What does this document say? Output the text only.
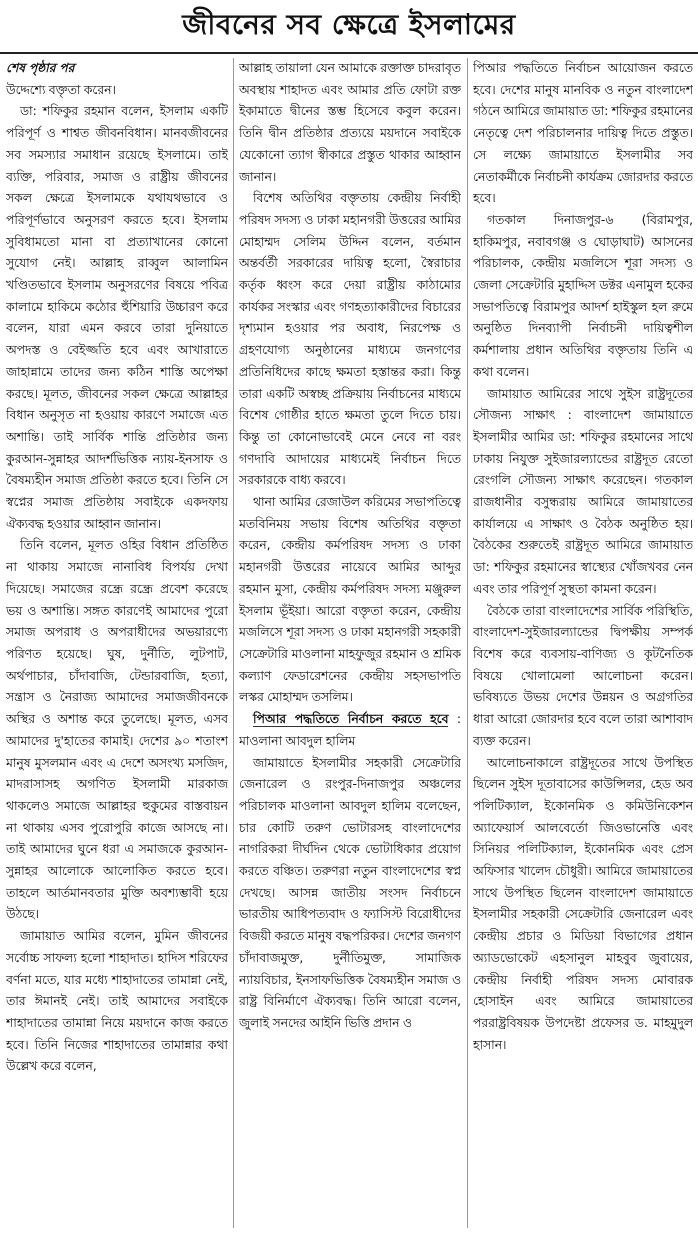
জীবনের সব ক্ষেত্রে ইসলামের
শেষ পৃষ্ঠার পর

উদ্দেশ্যে বক্তৃতা করেন।

ডা: শফিকুর রহমান বলেন, ইসলাম একটি পরিপূর্ণ ও শাশ্বত জীবনবিধান। মানবজীবনের সব সমস্যার সমাধান রয়েছে ইসলামে। তাই ব্যক্তি, পরিবার, সমাজ ও রাষ্ট্রীয় জীবনের সকল ক্ষেত্রে ইসলামকে যথাযথভাবে ও পরিপূর্ণভাবে অনুসরণ করতে হবে। ইসলাম সুবিধামতো মানা বা প্রত্যাখানের কোনো সুযোগ নেই। আল্লাহ রাব্বুল আলামিন খণ্ডিতভাবে ইসলাম অনুসরণের বিষয়ে পবিত্র কালামে হাকিমে কঠোর হুঁশিয়ারি উচ্চারণ করে বলেন, যারা এমন করবে তারা দুনিয়াতে অপদস্ত ও বেইজ্জতি হবে এবং আখারাতে জাহান্নামে তাদের জন্য কঠিন শাস্তি অপেক্ষা করছে। মূলত, জীবনের সকল ক্ষেত্রে আল্লাহর বিধান অনুসৃত না হওয়ায় কারণে সমাজে এত অশান্তি। তাই সার্বিক শান্তি প্রতিষ্ঠার জন্য কুরআন-সুন্নাহর আদর্শভিত্তিক ন্যায়-ইনসাফ ও বৈষম্যহীন সমাজ প্রতিষ্ঠা করতে হবে। তিনি সে স্বপ্নের সমাজ প্রতিষ্ঠায় সবাইকে একদফায় ঐক্যবদ্ধ হওয়ার আহ্বান জানান।

তিনি বলেন, মূলত ওহির বিধান প্রতিষ্ঠিত না থাকায় সমাজে নানাবিধ বিপর্যয় দেখা দিয়েছে। সমাজের রন্ধ্রে রন্ধ্রে প্রবেশ করেছে ভয় ও অশান্তি। সঙ্গত কারণেই আমাদের পুরো সমাজ অপরাধ ও অপরাধীদের অভয়ারণ্যে পরিণত হয়েছে। ঘুষ, দুর্নীতি, লুটপাট, অর্থপাচার, চাঁদাবাজি, টেন্ডারবাজি, হত্যা, সন্ত্রাস ও নৈরাজ্য আমাদের সমাজজীবনকে অস্থির ও অশান্ত করে তুলেছে। মূলত, এসব আমাদের দু'হাতের কামাই। দেশের ৯০ শতাংশ মানুষ মুসলমান এবং এ দেশে অসংখ্য মসজিদ, মাদরাসাসহ অগণিত ইসলামী মারকাজ থাকলেও সমাজে আল্লাহর হুকুমের বাস্তবায়ন না থাকায় এসব পুরোপুরি কাজে আসছে না। তাই আমাদের ঘুনে ধরা এ সমাজকে কুরআন-সুন্নাহর আলোকে আলোকিত করতে হবে। তাহলে আর্তমানবতার মুক্তি অবশ্যম্ভাবী হয়ে উঠছে।

জামায়াত আমির বলেন, মুমিন জীবনের সর্বোচ্চ সাফল্য হলো শাহাদাত। হাদিস শরিফের বর্ণনা মতে, যার মধ্যে শাহাদাতের তামান্না নেই, তার ঈমানই নেই। তাই আমাদের সবাইকে শাহাদাতের তামান্না নিয়ে ময়দানে কাজ করতে হবে। তিনি নিজের শাহাদাতের তামান্নার কথা উল্লেখ করে বলেন,

আল্লাহ তায়ালা যেন আমাকে রক্তাক্ত চাদরাবৃত অবস্থায় শাহাদত এবং আমার প্রতি ফোটা রক্ত ইকামাতে দ্বীনের স্তম্ভ হিসেবে কবুল করেন। তিনি দ্বীন প্রতিষ্ঠার প্রত্যয়ে ময়দানে সবাইকে যেকোনো ত্যাগ স্বীকারে প্রস্তুত থাকার আহ্বান জানান।

বিশেষ অতিথির বক্তৃতায় কেন্দ্রীয় নির্বাহী পরিষদ সদস্য ও ঢাকা মহানগরী উত্তরের আমির মোহাম্মদ সেলিম উদ্দিন বলেন, বর্তমান অন্তর্বর্তী সরকারের দায়িত্ব হলো, স্বৈরাচার কর্তৃক ধ্বংস করে দেয়া রাষ্ট্রীয় কাঠামোর কার্যকর সংস্কার এবং গণহত্যাকারীদের বিচারের দৃশ্যমান হওয়ার পর অবাধ, নিরপেক্ষ ও গ্রহণযোগ্য অনুষ্ঠানের মাধ্যমে জনগণের প্রতিনিধিদের কাছে ক্ষমতা হস্তান্তর করা। কিন্তু তারা একটি অস্বচ্ছ প্রক্রিয়ায় নির্বাচনের মাধ্যমে বিশেষ গোষ্ঠীর হাতে ক্ষমতা তুলে দিতে চায়। কিন্তু তা কোনোভাবেই মেনে নেবে না বরং গণদাবি আদায়ের মাধ্যমেই নির্বাচন দিতে সরকারকে বাধ্য করবে।

থানা আমির রেজাউল করিমের সভাপতিত্বে মতবিনিময় সভায় বিশেষ অতিথির বক্তৃতা করেন, কেন্দ্রীয় কর্মপরিষদ সদস্য ও ঢাকা মহানগরী উত্তরের নায়েবে আমির আব্দুর রহমান মুসা, কেন্দ্রীয় কর্মপরিষদ সদস্য মঞ্জুরুল ইসলাম ভূঁইয়া। আরো বক্তৃতা করেন, কেন্দ্রীয় মজলিসে শূরা সদস্য ও ঢাকা মহানগরী সহকারী সেক্রেটারি মাওলানা মাহফুজুর রহমান ও শ্রমিক কল্যাণ ফেডারেশনের কেন্দ্রীয় সহসভাপতি লস্কর মোহাম্মদ তসলিম।

পিআর পদ্ধতিতে নির্বাচন করতে হবে : মাওলানা আবদুল হালিম

জামায়াতে ইসলামীর সহকারী সেক্রেটারি জেনারেল ও রংপুর-দিনাজপুর অঞ্চলের পরিচালক মাওলানা আবদুল হালিম বলেছেন, চার কোটি তরুণ ভোটারসহ বাংলাদেশের নাগরিকরা দীর্ঘদিন থেকে ভোটাধিকার প্রয়োগ করতে বঞ্চিত। তরুণরা নতুন বাংলাদেশের স্বপ্ন দেখছে। আসন্ন জাতীয় সংসদ নির্বাচনে ভারতীয় আধিপত্যবাদ ও ফ্যাসিস্ট বিরোধীদের বিজয়ী করতে মানুষ বদ্ধপরিকর। দেশের জনগণ চাঁদাবাজমুক্ত, দুর্নীতিমুক্ত, সামাজিক ন্যায়বিচার, ইনসাফভিত্তিক বৈষম্যহীন সমাজ ও রাষ্ট্র বিনির্মাণে ঐক্যবদ্ধ। তিনি আরো বলেন, জুলাই সনদের আইনি ভিত্তি প্রদান ও

পিআর পদ্ধতিতে নির্বাচন আয়োজন করতে হবে। দেশের মানুষ মানবিক ও নতুন বাংলাদেশ গঠনে আমিরে জামায়াত ডা: শফিকুর রহমানের নেতৃত্বে দেশ পরিচালনার দায়িত্ব দিতে প্রস্তুত। সে লক্ষ্যে জামায়াতে ইসলামীর সব নেতাকর্মীকে নির্বাচনী কার্যক্রম জোরদার করতে হবে।

গতকাল দিনাজপুর-৬ (বিরামপুর, হাকিমপুর, নবাবগঞ্জ ও ঘোড়াঘাট) আসনের পরিচালক, কেন্দ্রীয় মজলিসে শূরা সদস্য ও জেলা সেক্রেটারি মুহাদ্দিস ডক্টর এনামুল হকের সভাপতিত্বে বিরামপুর আদর্শ হাইস্কুল হল রুমে অনুষ্ঠিত দিনব্যাপী নির্বাচনী দায়িত্বশীল কর্মশালায় প্রধান অতিথির বক্তৃতায় তিনি এ কথা বলেন।

জামায়াত আমিরের সাথে সুইস রাষ্ট্রদূতের সৌজন্য সাক্ষাৎ : বাংলাদেশ জামায়াতে ইসলামীর আমির ডা: শফিকুর রহমানের সাথে ঢাকায় নিযুক্ত সুইজারল্যান্ডের রাষ্ট্রদূত রেতো রেংগলি সৌজন্য সাক্ষাৎ করেছেন। গতকাল রাজধানীর বসুন্ধরায় আমিরে জামায়াতের কার্যালয়ে এ সাক্ষাৎ ও বৈঠক অনুষ্ঠিত হয়। বৈঠকের শুরুতেই রাষ্ট্রদূত আমিরে জামায়াত ডা: শফিকুর রহমানের স্বাস্থ্যের খোঁজখবর নেন এবং তার পরিপূর্ণ সুস্থতা কামনা করেন।

বৈঠকে তারা বাংলাদেশের সার্বিক পরিস্থিতি, বাংলাদেশ-সুইজারল্যান্ডের দ্বিপক্ষীয় সম্পর্ক বিশেষ করে ব্যবসায়-বাণিজ্য ও কূটনৈতিক বিষয়ে খোলামেলা আলোচনা করেন। ভবিষ্যতে উভয় দেশের উন্নয়ন ও অগ্রগতির ধারা আরো জোরদার হবে বলে তারা আশাবাদ ব্যক্ত করেন।

আলোচনাকালে রাষ্ট্রদূতের সাথে উপস্থিত ছিলেন সুইস দূতাবাসের কাউন্সিলর, হেড অব পলিটিক্যাল, ইকোনমিক ও কমিউনিকেশন অ্যাফেয়ার্স আলবের্তো জিওভানেত্তি এবং সিনিয়র পলিটিক্যাল, ইকোনমিক এবং প্রেস অফিসার খালেদ চৌধুরী। আমিরে জামায়াতের সাথে উপস্থিত ছিলেন বাংলাদেশ জামায়াতে ইসলামীর সহকারী সেক্রেটারি জেনারেল এবং কেন্দ্রীয় প্রচার ও মিডিয়া বিভাগের প্রধান অ্যাডভোকেট এহসানুল মাহবুব জুবায়ের, কেন্দ্রীয় নির্বাহী পরিষদ সদস্য মোবারক হোসাইন এবং আমিরে জামায়াতের পররাষ্ট্রবিষয়ক উপদেষ্টা প্রফেসর ড. মাহমুদুল হাসান।
